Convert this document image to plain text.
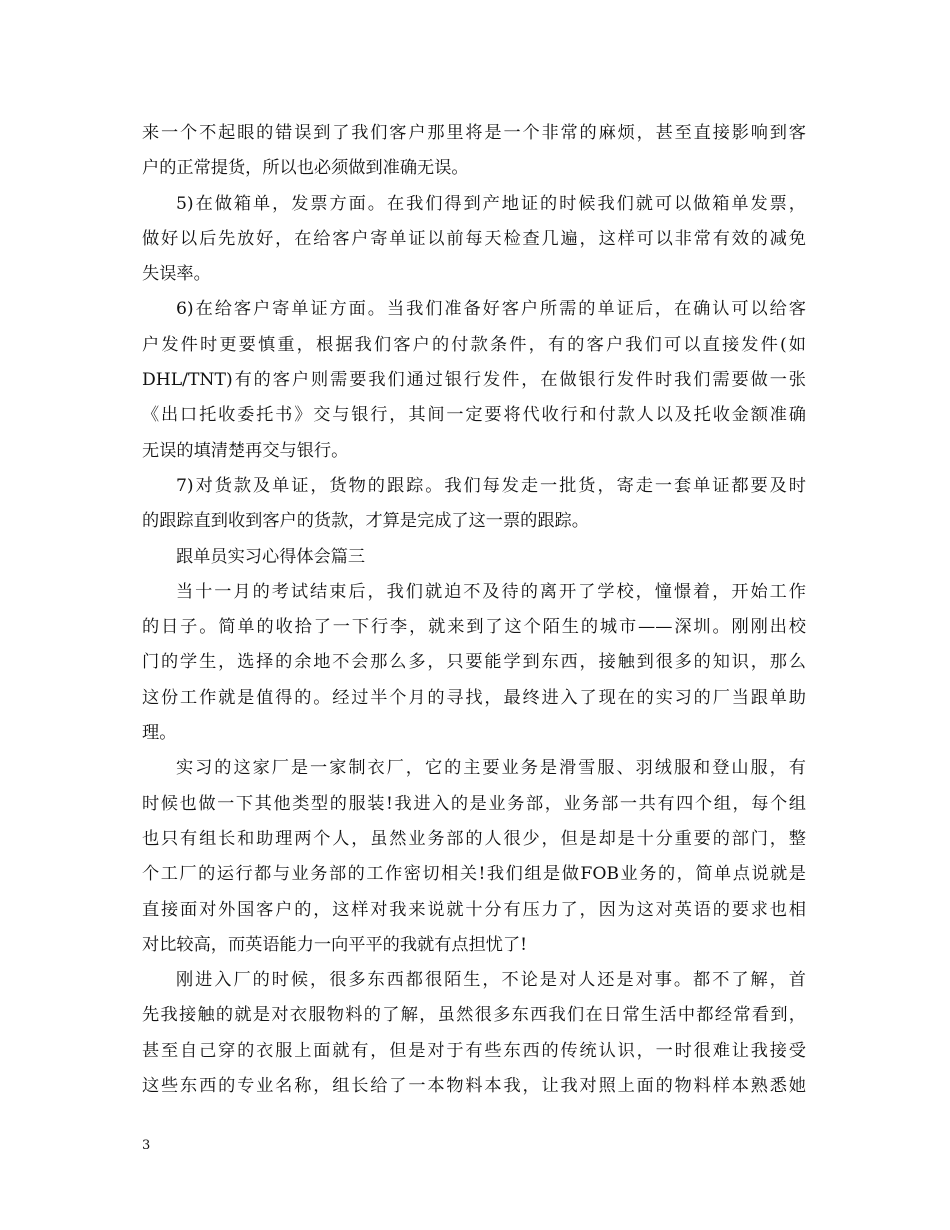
来一个不起眼的错误到了我们客户那里将是一个非常的麻烦，甚至直接影响到客
户的正常提货，所以也必须做到准确无误。
5)在做箱单，发票方面。在我们得到产地证的时候我们就可以做箱单发票，
做好以后先放好，在给客户寄单证以前每天检查几遍，这样可以非常有效的减免
失误率。
6)在给客户寄单证方面。当我们准备好客户所需的单证后，在确认可以给客
户发件时更要慎重，根据我们客户的付款条件，有的客户我们可以直接发件(如
DHL/TNT)有的客户则需要我们通过银行发件，在做银行发件时我们需要做一张
《出口托收委托书》交与银行，其间一定要将代收行和付款人以及托收金额准确
无误的填清楚再交与银行。
7)对货款及单证，货物的跟踪。我们每发走一批货，寄走一套单证都要及时
的跟踪直到收到客户的货款，才算是完成了这一票的跟踪。
跟单员实习心得体会篇三
当十一月的考试结束后，我们就迫不及待的离开了学校，憧憬着，开始工作
的日子。简单的收拾了一下行李，就来到了这个陌生的城市——深圳。刚刚出校
门的学生，选择的余地不会那么多，只要能学到东西，接触到很多的知识，那么
这份工作就是值得的。经过半个月的寻找，最终进入了现在的实习的厂当跟单助
理。
实习的这家厂是一家制衣厂，它的主要业务是滑雪服、羽绒服和登山服，有
时候也做一下其他类型的服装!我进入的是业务部，业务部一共有四个组，每个组
也只有组长和助理两个人，虽然业务部的人很少，但是却是十分重要的部门，整
个工厂的运行都与业务部的工作密切相关!我们组是做FOB业务的，简单点说就是
直接面对外国客户的，这样对我来说就十分有压力了，因为这对英语的要求也相
对比较高，而英语能力一向平平的我就有点担忧了!
刚进入厂的时候，很多东西都很陌生，不论是对人还是对事。都不了解，首
先我接触的就是对衣服物料的了解，虽然很多东西我们在日常生活中都经常看到，
甚至自己穿的衣服上面就有，但是对于有些东西的传统认识，一时很难让我接受
这些东西的专业名称，组长给了一本物料本我，让我对照上面的物料样本熟悉她
3
